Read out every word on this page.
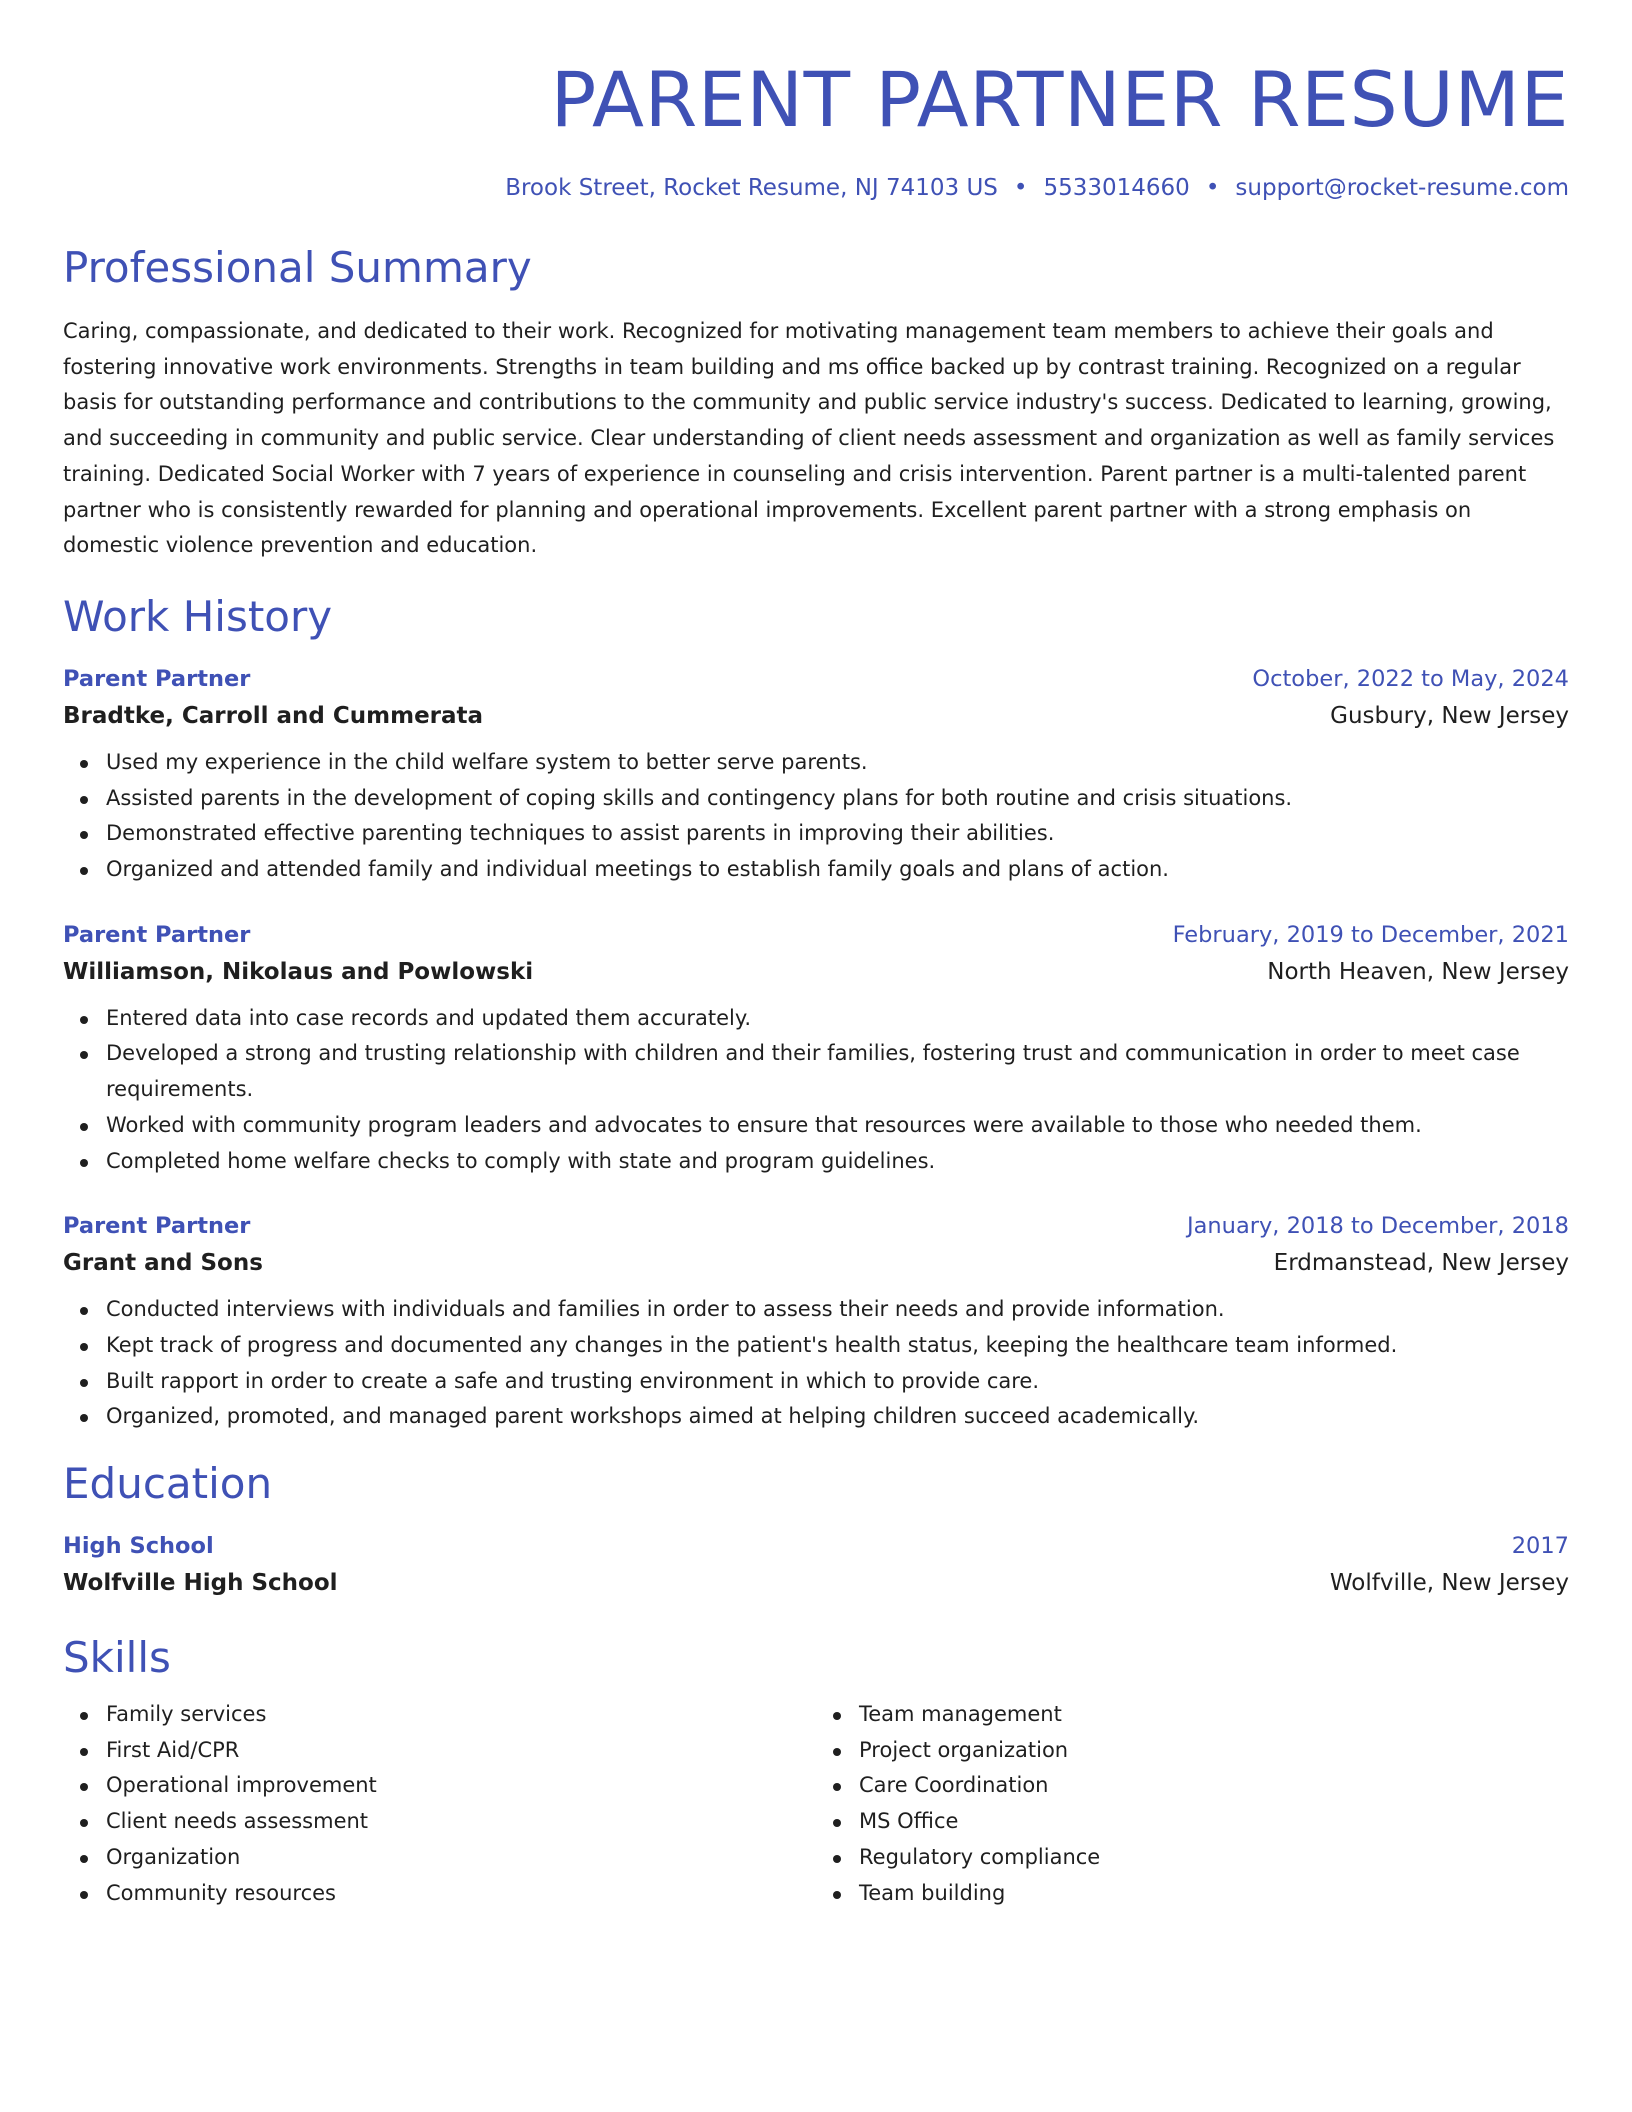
PARENT PARTNER RESUME
Brook Street, Rocket Resume, NJ 74103 US • 5533014660 • support@rocket-resume.com
Professional Summary

Caring, compassionate, and dedicated to their work. Recognized for motivating management team members to achieve their goals and fostering innovative work environments. Strengths in team building and ms office backed up by contrast training. Recognized on a regular basis for outstanding performance and contributions to the community and public service industry's success. Dedicated to learning, growing, and succeeding in community and public service. Clear understanding of client needs assessment and organization as well as family services training. Dedicated Social Worker with 7 years of experience in counseling and crisis intervention. Parent partner is a multi-talented parent partner who is consistently rewarded for planning and operational improvements. Excellent parent partner with a strong emphasis on domestic violence prevention and education.

Work History
Parent Partner	October, 2022 to May, 2024
Bradtke, Carroll and Cummerata	Gusbury, New Jersey
Used my experience in the child welfare system to better serve parents.
Assisted parents in the development of coping skills and contingency plans for both routine and crisis situations.
Demonstrated effective parenting techniques to assist parents in improving their abilities.
Organized and attended family and individual meetings to establish family goals and plans of action.
Parent Partner	February, 2019 to December, 2021
Williamson, Nikolaus and Powlowski	North Heaven, New Jersey
Entered data into case records and updated them accurately.
Developed a strong and trusting relationship with children and their families, fostering trust and communication in order to meet case requirements.
Worked with community program leaders and advocates to ensure that resources were available to those who needed them.
Completed home welfare checks to comply with state and program guidelines.
Parent Partner	January, 2018 to December, 2018
Grant and Sons	Erdmanstead, New Jersey
Conducted interviews with individuals and families in order to assess their needs and provide information.
Kept track of progress and documented any changes in the patient's health status, keeping the healthcare team informed.
Built rapport in order to create a safe and trusting environment in which to provide care.
Organized, promoted, and managed parent workshops aimed at helping children succeed academically.
Education
High School	2017
Wolfville High School	Wolfville, New Jersey
Skills
Family services
First Aid/CPR
Operational improvement
Client needs assessment
Organization
Community resources
Team management
Project organization
Care Coordination
MS Office
Regulatory compliance
Team building
